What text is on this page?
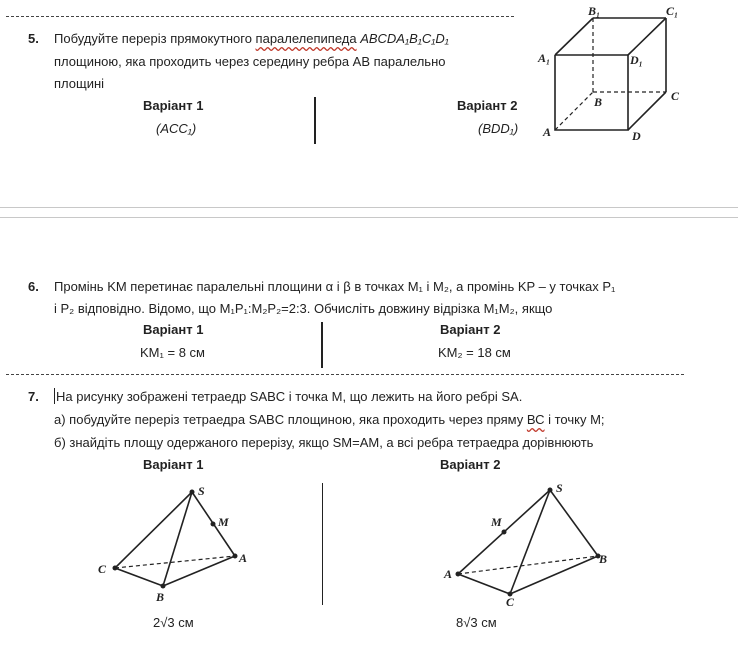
5. Побудуйте переріз прямокутного паралелепипеда ABCDA₁B₁C₁D₁
площиною, яка проходить через середину ребра АВ паралельно
площині
Варіант 1
(ACC₁)
Варіант 2
(BDD₁) A
B	C
D
A₁
B₁	C₁
D₁
6. Промінь KM перетинає паралельні площини α і β в точках M₁ і M₂, а промінь KP – у точках P₁
і P₂ відповідно. Відомо, що M₁P₁:M₂P₂=2:3. Обчисліть довжину відрізка M₁M₂, якщо
Варіант 1
KM₁ = 8 см
Варіант 2
KM₂ = 18 см
7. На рисунку зображені тетраедр SABC і точка M, що лежить на його ребрі SA.
а) побудуйте переріз тетраедра SABC площиною, яка проходить через пряму ВС і точку M;
б) знайдіть площу одержаного перерізу, якщо SM=AM, а всі ребра тетраедра дорівнюють
Варіант 1	Варіант 2
S
M
A
B
C
2√3 см
S
M
A
B
C
8√3 см
